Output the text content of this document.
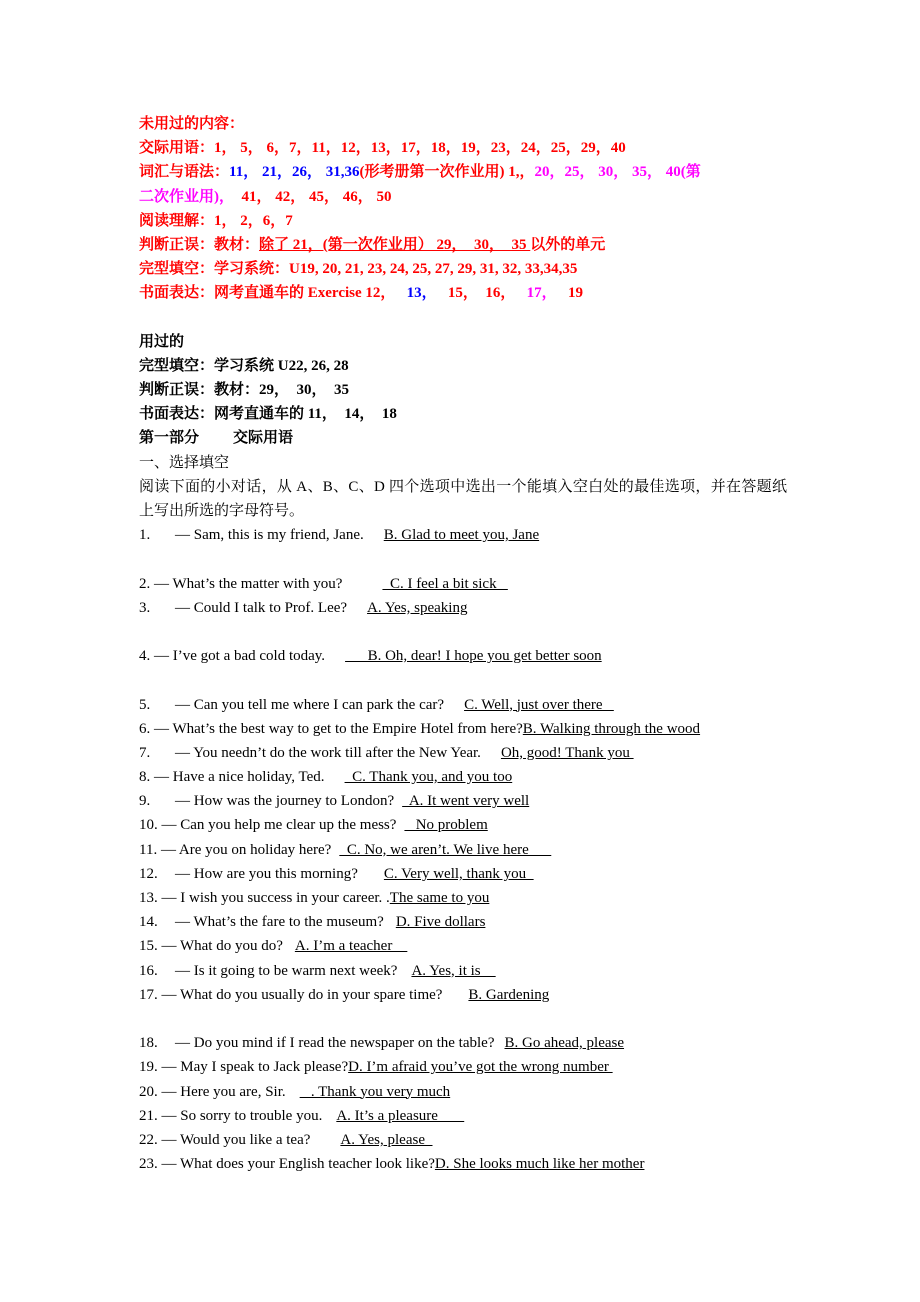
未用过的内容：
交际用语：1， 5， 6，7，11，12，13，17，18，19，23，24，25，29，40
词汇与语法：11， 21，26， 31,36(形考册第一次作业用) 1,，20，25， 30， 35， 40(第
二次作业用)， 41， 42， 45， 46， 50
阅读理解：1， 2，6，7
判断正误：教材：除了 21，(第一次作业用） 29，  30，  35 以外的单元
完型填空：学习系统：U19, 20, 21, 23, 24, 25, 27, 29, 31, 32, 33,34,35
书面表达：网考直通车的 Exercise 12， 13， 15，  16， 17， 19
用过的
完型填空：学习系统 U22, 26, 28
判断正误：教材：29，  30，  35
书面表达：网考直通车的 11，  14，  18
第一部分 交际用语
一、选择填空
阅读下面的小对话，从 A、B、C、D 四个选项中选出一个能填入空白处的最佳选项，并在答题纸上写出所选的字母符号。
1. — Sam, this is my friend, Jane. B. Glad to meet you, Jane
2. — What’s the matter with you?	C. I feel a bit sick
3. — Could I talk to Prof. Lee? A. Yes, speaking
4. — I’ve got a bad cold today.      B. Oh, dear! I hope you get better soon
5. — Can you tell me where I can park the car? C. Well, just over there
6. — What’s the best way to get to the Empire Hotel from here?B. Walking through the wood
7. — You needn’t do the work till after the New Year. Oh, good! Thank you
8. — Have a nice holiday, Ted.  C. Thank you, and you too
9. — How was the journey to London?  A. It went very well
10. — Can you help me clear up the mess?   No problem
11. — Are you on holiday here?  C. No, we aren’t. We live here
12. — How are you this morning? C. Very well, thank you
13. — I wish you success in your career. .The same to you
14. — What’s the fare to the museum? D. Five dollars
15. — What do you do? A. I’m a teacher
16. — Is it going to be warm next week? A. Yes, it is
17. — What do you usually do in your spare time? B. Gardening
18. — Do you mind if I read the newspaper on the table? B. Go ahead, please
19. — May I speak to Jack please?D. I’m afraid you’ve got the wrong number
20. — Here you are, Sir.   . Thank you very much
21. — So sorry to trouble you. A. It’s a pleasure
22. — Would you like a tea? A. Yes, please
23. — What does your English teacher look like?D. She looks much like her mother
